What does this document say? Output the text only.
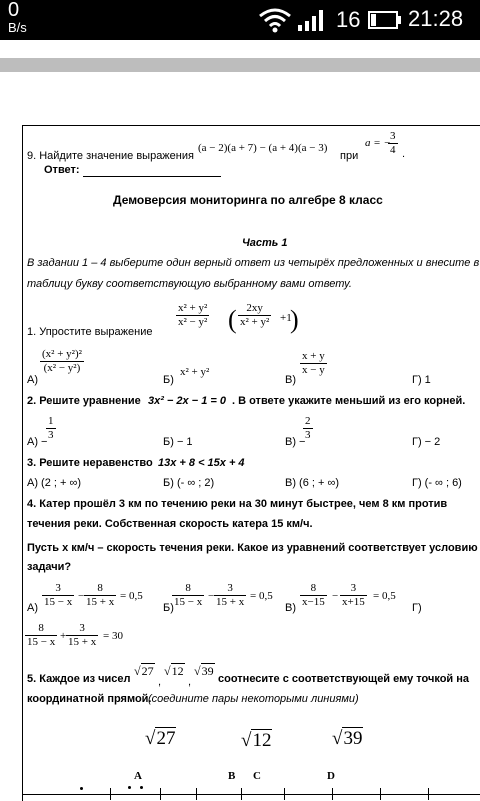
0
B/s	16 21:28
9. Найдите значение выражения
(a − 2)(a + 7) − (a + 4)(a − 3)
при
a = −
$\frac{3}{4}$ .
Ответ:
Демоверсия мониторинга по алгебре 8 класс
Часть 1
В задании 1 – 4 выберите один верный ответ из четырёх предложенных и внесите в
таблицу букву соответствующую выбранному вами ответу.
1. Упростите выражение
$\frac{\text{x² + y²}}{\text{x² − y²}}$ ( $\frac{2xy}{\text{x² + y²}} +1$
)
А)
$\frac{\text{(x² + y²)²}}{\text{(x² − y²)}}$
Б)
x² + y²
В)
$\frac{x + y}{x - y}$
Г) 1
2. Решите уравнение 3x² − 2x − 1 = 0 . В ответе укажите меньший из его корней.
А) −
$\frac{1}{3}$	Б) − 1	В) −
$\frac{2}{3}$	Г) − 2
3. Решите неравенство 13x + 8 < 15x + 4
А) (2 ; + ∞)	Б) (- ∞ ; 2)	В) (6 ; + ∞)	Г) (- ∞ ; 6)
4. Катер прошёл 3 км по течению реки на 30 минут быстрее, чем 8 км против
течения реки. Собственная скорость катера 15 км/ч.
Пусть х км/ч – скорость течения реки. Какое из уравнений соответствует условию
задачи?
$А) \frac{3}{15 - x} - \frac{8}{15 + x} = 0,5$
Б)
$\frac{8}{15 - x} - \frac{3}{15 + x} = 0,5$
$В) \frac{8}{x-15} - \frac{3}{x+15} = 0,5$
Г)
$\frac{8}{15 - x} + \frac{3}{15 + x} = 30$
5. Каждое из чисел
√27
,
√12
,
√39
соотнесите с соответствующей ему точкой на
координатной прямой.
(соедините пары некоторыми линиями)
√27	√12	√39
A	B C	D
